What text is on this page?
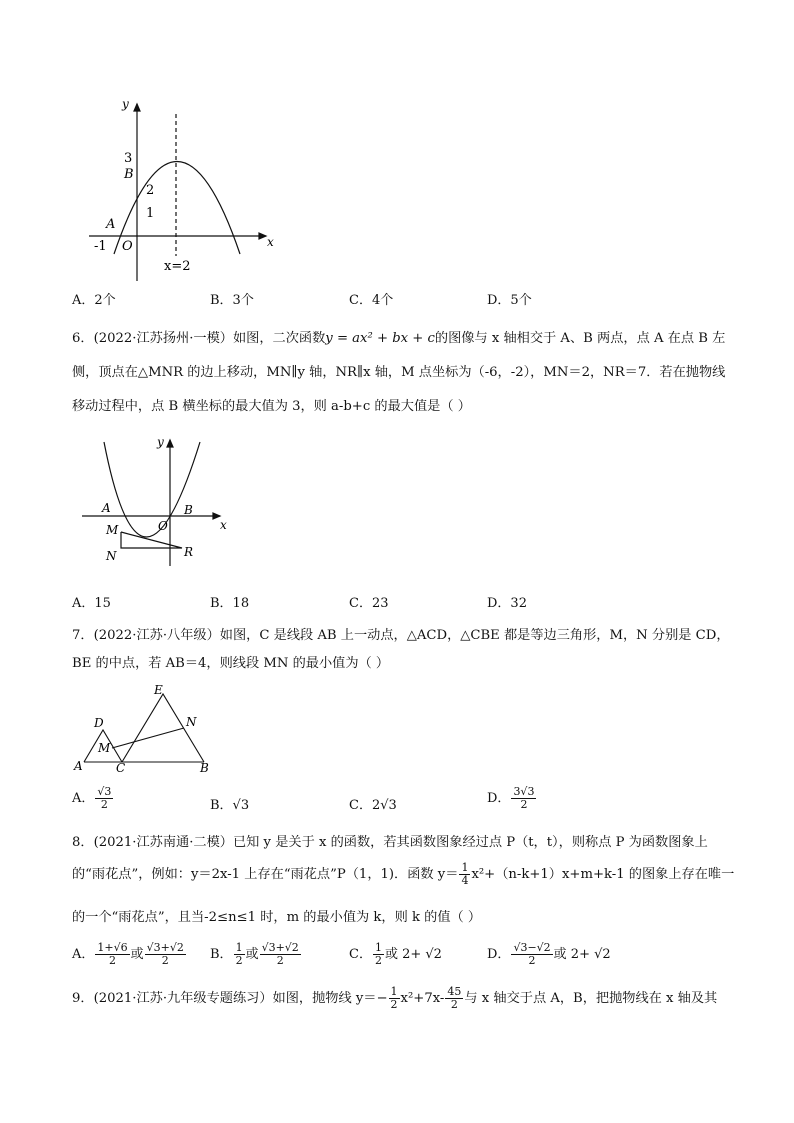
y
x
3
B
2
1
A
-1 O
x=2
A．2个	B．3个	C．4个	D．5个
6．(2022·江苏扬州·一模）如图，二次函数y = ax² + bx + c的图像与 x 轴相交于 A、B 两点，点 A 在点 B 左
侧，顶点在△MNR 的边上移动，MN∥y 轴，NR∥x 轴，M 点坐标为（-6，-2），MN＝2，NR＝7．若在抛物线
移动过程中，点 B 横坐标的最大值为 3，则 a-b+c 的最大值是（ ）
y
x
A	B
O
M
N	R
A．15	B．18	C．23	D．32
7．(2022·江苏·八年级）如图，C 是线段 AB 上一动点，△ACD，△CBE 都是等边三角形，M，N 分别是 CD，
BE 的中点，若 AB＝4，则线段 MN 的最小值为（ ）
E
D	N
M
A	C	B
A． $\frac{√3}{2}$	B．√3	C．2√3	D． $\frac{3√3}{2}$
8．(2021·江苏南通·二模）已知 y 是关于 x 的函数，若其函数图象经过点 P（t，t），则称点 P 为函数图象上
的“雨花点”，例如：y＝2x-1 上存在“雨花点”P（1，1)．函数 $y= \frac{1}{4} x^2+(n-k+1)x+m+k-1$ 的图象上存在唯一
的一个“雨花点”，且当-2≤n≤1 时，m 的最小值为 k，则 k 的值（ ）
A． $\frac{1+√6}{2}$ 或 $\frac{√3+√2}{2}$ B． $\frac{1}{2}$ 或 $\frac{√3+√2}{2}$	C． $\frac{1}{2}$ 或 2+ √2	D． $\frac{√3-√2}{2}$ 或 2+ √2
9．(2021·江苏·九年级专题练习）如图，抛物线 $y=- \frac{1}{2} x^2+7x- \frac{45}{2}$ 与 x 轴交于点 A，B，把抛物线在 x 轴及其
